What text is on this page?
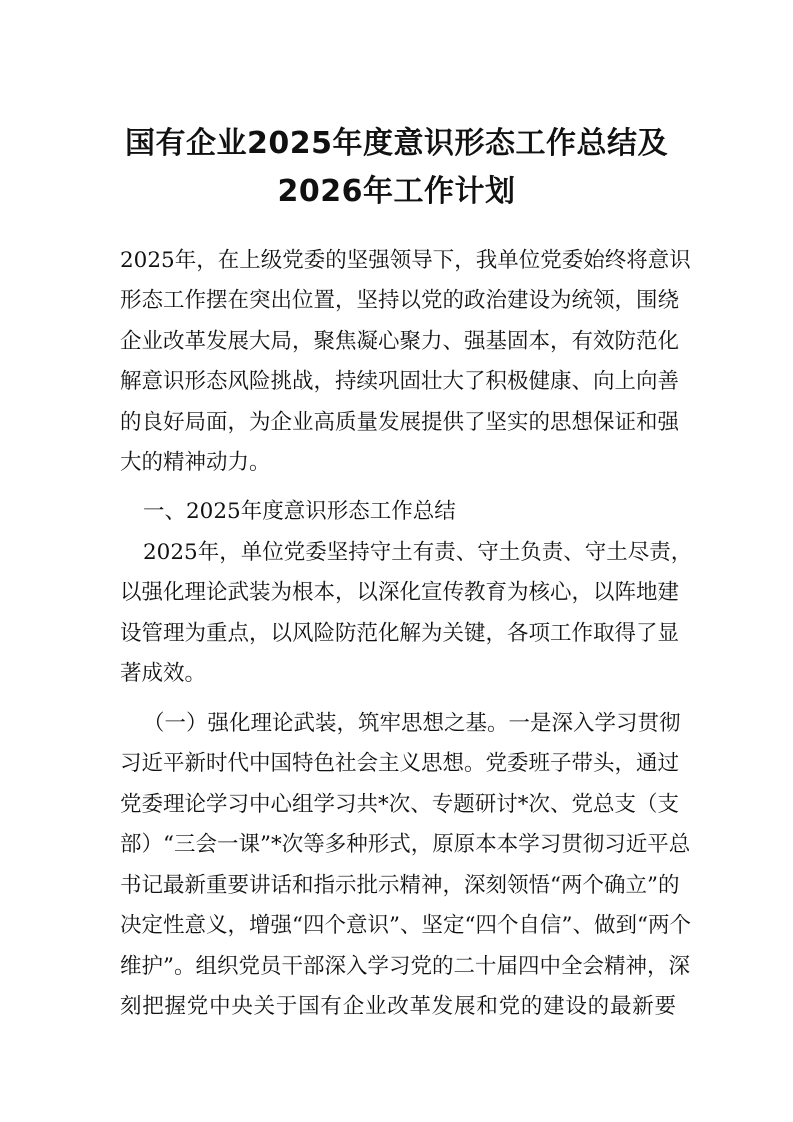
国有企业2025年度意识形态工作总结及
2026年工作计划

2025年，在上级党委的坚强领导下，我单位党委始终将意识

形态工作摆在突出位置，坚持以党的政治建设为统领，围绕

企业改革发展大局，聚焦凝心聚力、强基固本，有效防范化

解意识形态风险挑战，持续巩固壮大了积极健康、向上向善

的良好局面，为企业高质量发展提供了坚实的思想保证和强

大的精神动力。

一、2025年度意识形态工作总结

2025年，单位党委坚持守土有责、守土负责、守土尽责，

以强化理论武装为根本，以深化宣传教育为核心，以阵地建

设管理为重点，以风险防范化解为关键，各项工作取得了显

著成效。

（一）强化理论武装，筑牢思想之基。一是深入学习贯彻

习近平新时代中国特色社会主义思想。党委班子带头，通过

党委理论学习中心组学习共*次、专题研讨*次、党总支（支

部）“三会一课”*次等多种形式，原原本本学习贯彻习近平总

书记最新重要讲话和指示批示精神，深刻领悟“两个确立”的

决定性意义，增强“四个意识”、坚定“四个自信”、做到“两个

维护”。组织党员干部深入学习党的二十届四中全会精神，深

刻把握党中央关于国有企业改革发展和党的建设的最新要
